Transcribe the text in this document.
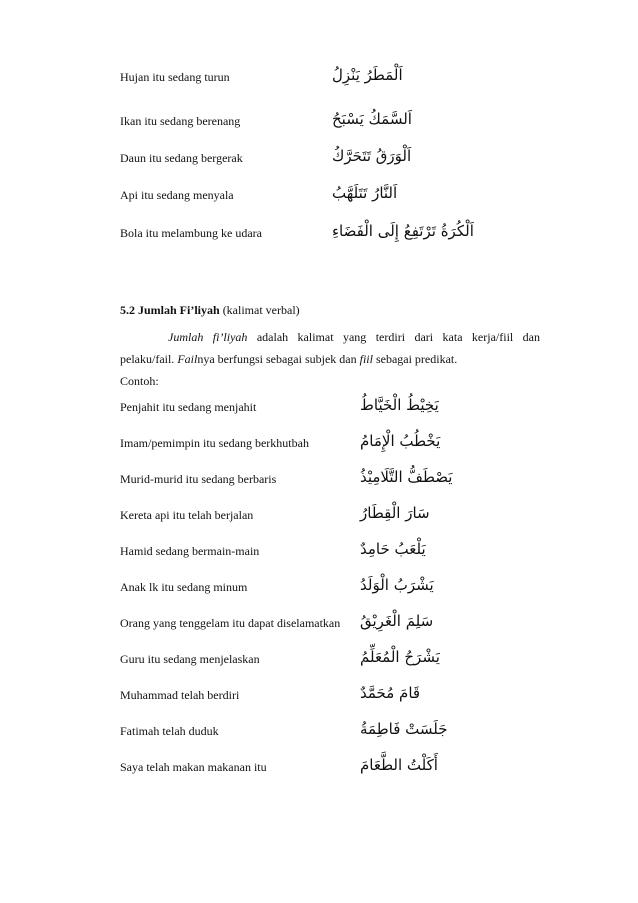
Hujan itu sedang turun	اَلْمَطَرُ يَنْزِلُ
Ikan itu sedang berenang	اَلسَّمَكُ يَسْبَحُ
Daun itu sedang bergerak	اَلْوَرَقُ تَتَحَرَّكُ
Api itu sedang menyala	اَلنَّارُ تَتَلَهَّبُ
Bola itu melambung ke udara	اَلْكُرَةُ تَرْتَفِعُ إِلَى الْفَضَاءِ
5.2 Jumlah Fi’liyah (kalimat verbal)
Jumlah fi’liyah adalah kalimat yang terdiri dari kata kerja/fiil dan
pelaku/fail. Failnya berfungsi sebagai subjek dan fiil sebagai predikat.
Contoh:
Penjahit itu sedang menjahit	يَخِيْطُ الْخَيَّاطُ
Imam/pemimpin itu sedang berkhutbah	يَخْطُبُ الْإِمَامُ
Murid-murid itu sedang berbaris	يَصْطَفُّ التَّلَامِيْذُ
Kereta api itu telah berjalan	سَارَ الْقِطَارُ
Hamid sedang bermain-main	يَلْعَبُ حَامِدٌ
Anak lk itu sedang minum	يَشْرَبُ الْوَلَدُ
Orang yang tenggelam itu dapat diselamatkan سَلِمَ الْغَرِيْقُ
Guru itu sedang menjelaskan	يَشْرَحُ الْمُعَلِّمُ
Muhammad telah berdiri	قَامَ مُحَمَّدٌ
Fatimah telah duduk	جَلَسَتْ فَاطِمَةُ
Saya telah makan makanan itu	أَكَلْتُ الطَّعَامَ
